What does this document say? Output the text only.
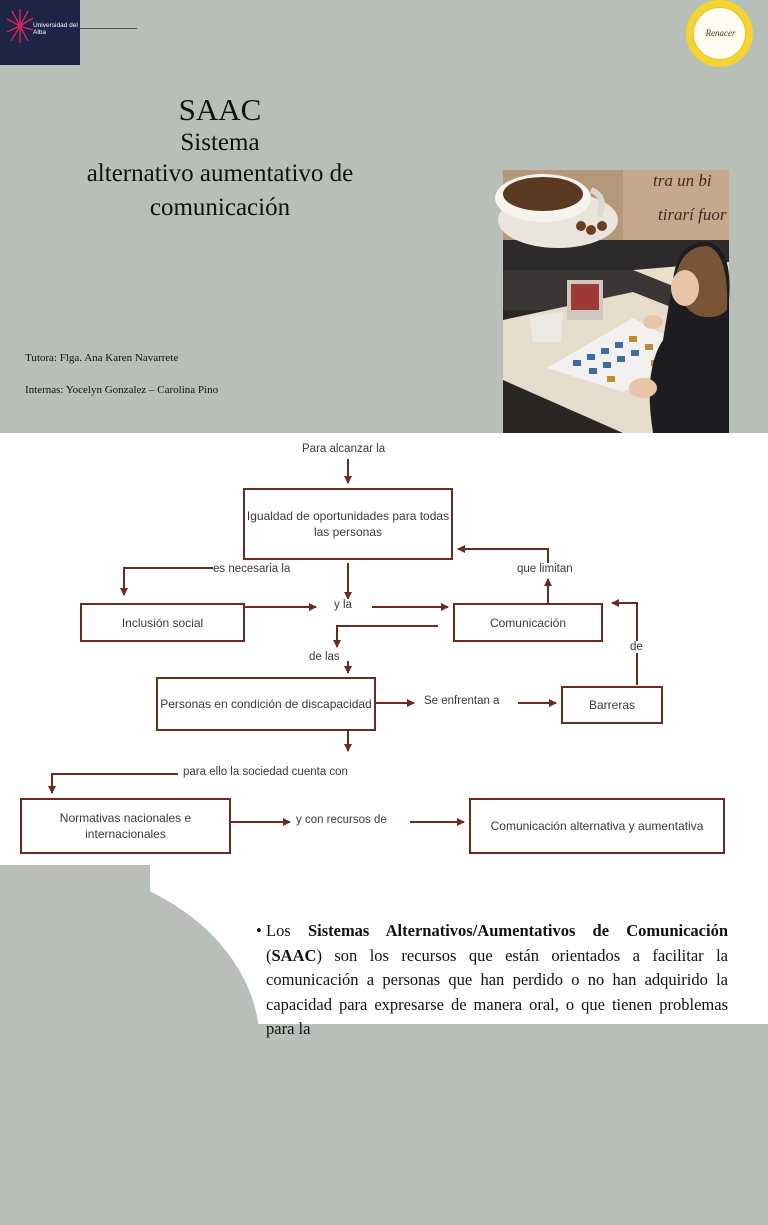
Universidad del Alba	Renacer
SAAC
Sistema
alternativo aumentativo de
comunicación
Tutora: Flga. Ana Karen Navarrete
Internas: Yocelyn Gonzalez – Carolina Pino
tra un bi
tirarí fuor
Para alcanzar la
Igualdad de oportunidades para todas las personas
es necesaria la	que limitan
Inclusión social
y la
Comunicación
de las
de
Personas en condición de discapacidad	Se enfrentan a	Barreras
para ello la sociedad cuenta con
Normativas nacionales e internacionales
y con recursos de	Comunicación alternativa y aumentativa
• Los Sistemas Alternativos/Aumentativos de Comunicación (SAAC) son los recursos que están orientados a facilitar la comunicación a personas que han perdido o no han adquirido la capacidad para expresarse de manera oral, o que tienen problemas para la
